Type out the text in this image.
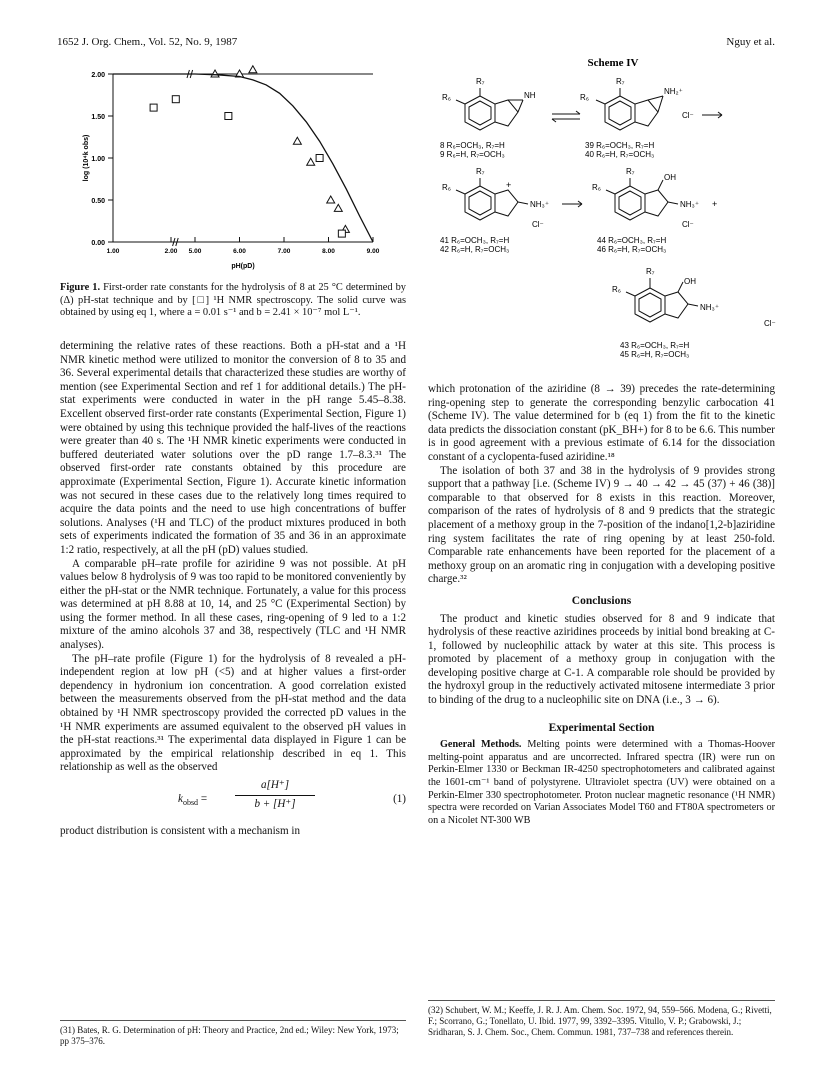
1652 J. Org. Chem., Vol. 52, No. 9, 1987	Nguy et al.
0.00
0.50
1.00
1.50
2.00
1.00	2.00 5.00	6.00	7.00	8.00	9.00
log (10⁴k obs)
pH(pD)
Figure 1. First-order rate constants for the hydrolysis of 8 at 25 °C determined by (Δ) pH-stat technique and by [□] ¹H NMR spectroscopy. The solid curve was obtained by using eq 1, where a = 0.01 s⁻¹ and b = 2.41 × 10⁻⁷ mol L⁻¹.
Scheme IV
R₇
R₆	NH
R₇
R₆
NH₂⁺
Cl⁻
8 R₆=OCH₃, R₇=H
9 R₆=H, R₇=OCH₃
39 R₆=OCH₃, R₇=H
40 R₆=H, R₇=OCH₃
R₇
R₆	+
NH₃⁺
Cl⁻
R₇
R₆
OH
NH₃⁺
Cl⁻
+
41 R₆=OCH₃, R₇=H
42 R₆=H, R₇=OCH₃
44 R₆=OCH₃, R₇=H
46 R₆=H, R₇=OCH₃
R₇
R₆
OH
NH₃⁺
Cl⁻
43 R₆=OCH₃, R₇=H
45 R₆=H, R₇=OCH₃

determining the relative rates of these reactions. Both a pH-stat and a ¹H NMR kinetic method were utilized to monitor the conversion of 8 to 35 and 36. Several experimental details that characterized these studies are worthy of mention (see Experimental Section and ref 1 for additional details.) The pH-stat experiments were conducted in water in the pH range 5.45–8.38. Excellent observed first-order rate constants (Experimental Section, Figure 1) were obtained by using this technique provided the half-lives of the reactions were greater than 40 s. The ¹H NMR kinetic experiments were conducted in buffered deuteriated water solutions over the pD range 1.7–8.3.³¹ The observed first-order rate constants obtained by this procedure are approximate (Experimental Section, Figure 1). Accurate kinetic information was not secured in these cases due to the relatively long times required to acquire the data points and the need to use high concentrations of buffer solutions. Analyses (¹H and TLC) of the product mixtures produced in both sets of experiments indicated the formation of 35 and 36 in an approximate 1:2 ratio, respectively, at all the pH (pD) values studied.

A comparable pH–rate profile for aziridine 9 was not possible. At pH values below 8 hydrolysis of 9 was too rapid to be monitored conveniently by either the pH-stat or the NMR technique. Fortunately, a value for this process was determined at pH 8.88 at 10, 14, and 25 °C (Experimental Section) by using the former method. In all these cases, ring-opening of 9 led to a 1:2 mixture of the amino alcohols 37 and 38, respectively (TLC and ¹H NMR analyses).

The pH–rate profile (Figure 1) for the hydrolysis of 8 revealed a pH-independent region at low pH (<5) and at higher values a first-order dependency in hydronium ion concentration. A good correlation existed between the measurements observed from the pH-stat method and the data obtained by ¹H NMR spectroscopy provided the corrected pD values in the ¹H NMR experiments are assumed equivalent to the observed pH values in the pH-stat reactions.³¹ The experimental data displayed in Figure 1 can be approximated by the empirical relationship described in eq 1. This relationship as well as the observed

$k_{obsd}$ =	$\frac{a[H^+]}{b + [H^+]}$	(1)

product distribution is consistent with a mechanism in

which protonation of the aziridine (8 → 39) precedes the rate-determining ring-opening step to generate the corresponding benzylic carbocation 41 (Scheme IV). The value determined for b (eq 1) from the fit to the kinetic data predicts the dissociation constant (pK_BH+) for 8 to be 6.6. This number is in good agreement with a previous estimate of 6.14 for the dissociation constant of a cyclopenta-fused aziridine.¹⁸

The isolation of both 37 and 38 in the hydrolysis of 9 provides strong support that a pathway [i.e. (Scheme IV) 9 → 40 → 42 → 45 (37) + 46 (38)] comparable to that observed for 8 exists in this reaction. Moreover, comparison of the rates of hydrolysis of 8 and 9 predicts that the strategic placement of a methoxy group in the 7-position of the indano[1,2-b]aziridine ring system facilitates the rate of ring opening by at least 250-fold. Comparable rate enhancements have been reported for the placement of a methoxy group on an aromatic ring in conjugation with a developing positive charge.³²

Conclusions

The product and kinetic studies observed for 8 and 9 indicate that hydrolysis of these reactive aziridines proceeds by initial bond breaking at C-1, followed by nucleophilic attack by water at this site. This process is promoted by placement of a methoxy group in conjugation with the developing positive charge at C-1. A comparable role should be provided by the hydroxyl group in the reductively activated mitosene intermediate 3 prior to binding of the drug to a nucleophilic site on DNA (i.e., 3 → 6).

Experimental Section

General Methods. Melting points were determined with a Thomas-Hoover melting-point apparatus and are uncorrected. Infrared spectra (IR) were run on Perkin-Elmer 1330 or Beckman IR-4250 spectrophotometers and calibrated against the 1601-cm⁻¹ band of polystyrene. Ultraviolet spectra (UV) were obtained on a Perkin-Elmer 330 spectrophotometer. Proton nuclear magnetic resonance (¹H NMR) spectra were recorded on Varian Associates Model T60 and FT80A spectrometers or on a Nicolet NT-300 WB

(31) Bates, R. G. Determination of pH: Theory and Practice, 2nd ed.; Wiley: New York, 1973; pp 375–376.
(32) Schubert, W. M.; Keeffe, J. R. J. Am. Chem. Soc. 1972, 94, 559–566. Modena, G.; Rivetti, F.; Scorrano, G.; Tonellato, U. Ibid. 1977, 99, 3392–3395. Vitullo, V. P.; Grabowski, J.; Sridharan, S. J. Chem. Soc., Chem. Commun. 1981, 737–738 and references therein.
